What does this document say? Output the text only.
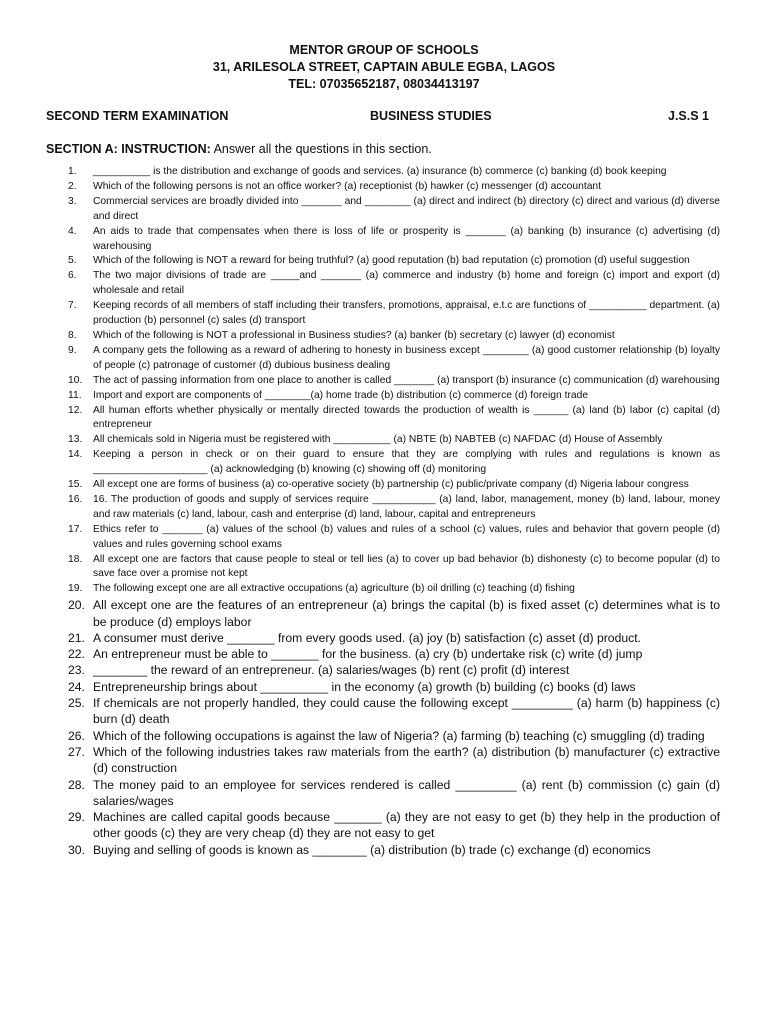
MENTOR GROUP OF SCHOOLS
31, ARILESOLA STREET, CAPTAIN ABULE EGBA, LAGOS
TEL: 07035652187, 08034413197
SECOND TERM EXAMINATION	BUSINESS STUDIES	J.S.S 1
SECTION A: INSTRUCTION: Answer all the questions in this section.
1. __________ is the distribution and exchange of goods and services. (a) insurance (b) commerce (c) banking (d) book keeping
2. Which of the following persons is not an office worker? (a) receptionist (b) hawker (c) messenger (d) accountant
3. Commercial services are broadly divided into _______ and ________ (a) direct and indirect (b) directory (c) direct and various (d) diverse and direct
4. An aids to trade that compensates when there is loss of life or prosperity is _______ (a) banking (b) insurance (c) advertising (d) warehousing
5. Which of the following is NOT a reward for being truthful? (a) good reputation (b) bad reputation (c) promotion (d) useful suggestion
6. The two major divisions of trade are _____and _______ (a) commerce and industry (b) home and foreign (c) import and export (d) wholesale and retail
7. Keeping records of all members of staff including their transfers, promotions, appraisal, e.t.c are functions of __________ department. (a) production (b) personnel (c) sales (d) transport
8. Which of the following is NOT a professional in Business studies? (a) banker (b) secretary (c) lawyer (d) economist
9. A company gets the following as a reward of adhering to honesty in business except ________ (a) good customer relationship (b) loyalty of people (c) patronage of customer (d) dubious business dealing
10. The act of passing information from one place to another is called _______ (a) transport (b) insurance (c) communication (d) warehousing
11. Import and export are components of ________(a) home trade (b) distribution (c) commerce (d) foreign trade
12. All human efforts whether physically or mentally directed towards the production of wealth is ______ (a) land (b) labor (c) capital (d) entrepreneur
13. All chemicals sold in Nigeria must be registered with __________ (a) NBTE (b) NABTEB (c) NAFDAC (d) House of Assembly
14. Keeping a person in check or on their guard to ensure that they are complying with rules and regulations is known as ____________________ (a) acknowledging (b) knowing (c) showing off (d) monitoring
15. All except one are forms of business (a) co-operative society (b) partnership (c) public/private company (d) Nigeria labour congress
16. 16. The production of goods and supply of services require ___________ (a) land, labor, management, money (b) land, labour, money and raw materials (c) land, labour, cash and enterprise (d) land, labour, capital and entrepreneurs
17. Ethics refer to _______ (a) values of the school (b) values and rules of a school (c) values, rules and behavior that govern people (d) values and rules governing school exams
18. All except one are factors that cause people to steal or tell lies (a) to cover up bad behavior (b) dishonesty (c) to become popular (d) to save face over a promise not kept
19. The following except one are all extractive occupations (a) agriculture (b) oil drilling (c) teaching (d) fishing
20. All except one are the features of an entrepreneur (a) brings the capital (b) is fixed asset (c) determines what is to be produce (d) employs labor
21. A consumer must derive _______ from every goods used. (a) joy (b) satisfaction (c) asset (d) product.
22. An entrepreneur must be able to _______ for the business. (a) cry (b) undertake risk (c) write (d) jump
23. ________ the reward of an entrepreneur. (a) salaries/wages (b) rent (c) profit (d) interest
24. Entrepreneurship brings about __________ in the economy (a) growth (b) building (c) books (d) laws
25. If chemicals are not properly handled, they could cause the following except _________ (a) harm (b) happiness (c) burn (d) death
26. Which of the following occupations is against the law of Nigeria? (a) farming (b) teaching (c) smuggling (d) trading
27. Which of the following industries takes raw materials from the earth? (a) distribution (b) manufacturer (c) extractive (d) construction
28. The money paid to an employee for services rendered is called _________ (a) rent (b) commission (c) gain (d) salaries/wages
29. Machines are called capital goods because _______ (a) they are not easy to get (b) they help in the production of other goods (c) they are very cheap (d) they are not easy to get
30. Buying and selling of goods is known as ________ (a) distribution (b) trade (c) exchange (d) economics
